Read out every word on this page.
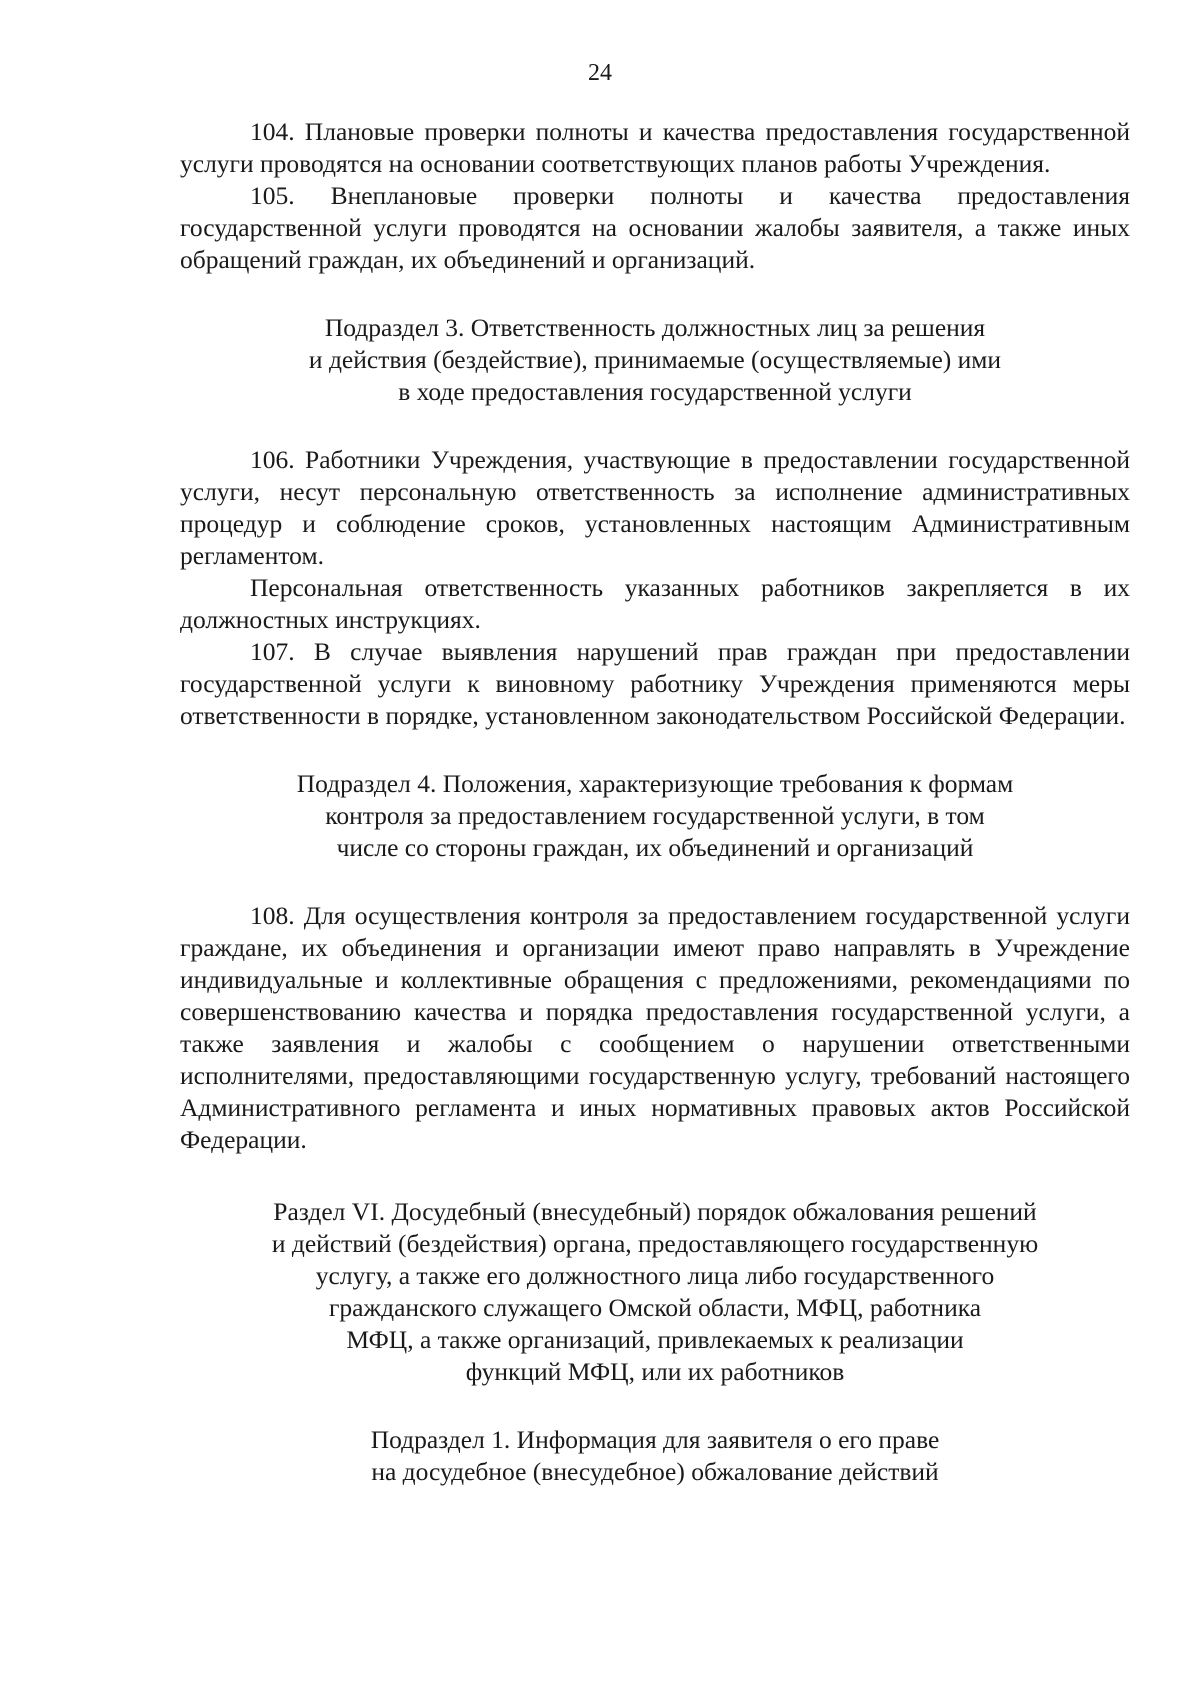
24

104. Плановые проверки полноты и качества предоставления государственной услуги проводятся на основании соответствующих планов работы Учреждения.

105. Внеплановые проверки полноты и качества предоставления государственной услуги проводятся на основании жалобы заявителя, а также иных обращений граждан, их объединений и организаций.

Подраздел 3. Ответственность должностных лиц за решения
и действия (бездействие), принимаемые (осуществляемые) ими
в ходе предоставления государственной услуги

106. Работники Учреждения, участвующие в предоставлении государственной услуги, несут персональную ответственность за исполнение административных процедур и соблюдение сроков, установленных настоящим Административным регламентом.

Персональная ответственность указанных работников закрепляется в их должностных инструкциях.

107. В случае выявления нарушений прав граждан при предоставлении государственной услуги к виновному работнику Учреждения применяются меры ответственности в порядке, установленном законодательством Российской Федерации.

Подраздел 4. Положения, характеризующие требования к формам
контроля за предоставлением государственной услуги, в том
числе со стороны граждан, их объединений и организаций

108. Для осуществления контроля за предоставлением государственной услуги граждане, их объединения и организации имеют право направлять в Учреждение индивидуальные и коллективные обращения с предложениями, рекомендациями по совершенствованию качества и порядка предоставления государственной услуги, а также заявления и жалобы с сообщением о нарушении ответственными исполнителями, предоставляющими государственную услугу, требований настоящего Административного регламента и иных нормативных правовых актов Российской Федерации.

Раздел VI. Досудебный (внесудебный) порядок обжалования решений
и действий (бездействия) органа, предоставляющего государственную
услугу, а также его должностного лица либо государственного
гражданского служащего Омской области, МФЦ, работника
МФЦ, а также организаций, привлекаемых к реализации
функций МФЦ, или их работников
Подраздел 1. Информация для заявителя о его праве
на досудебное (внесудебное) обжалование действий
